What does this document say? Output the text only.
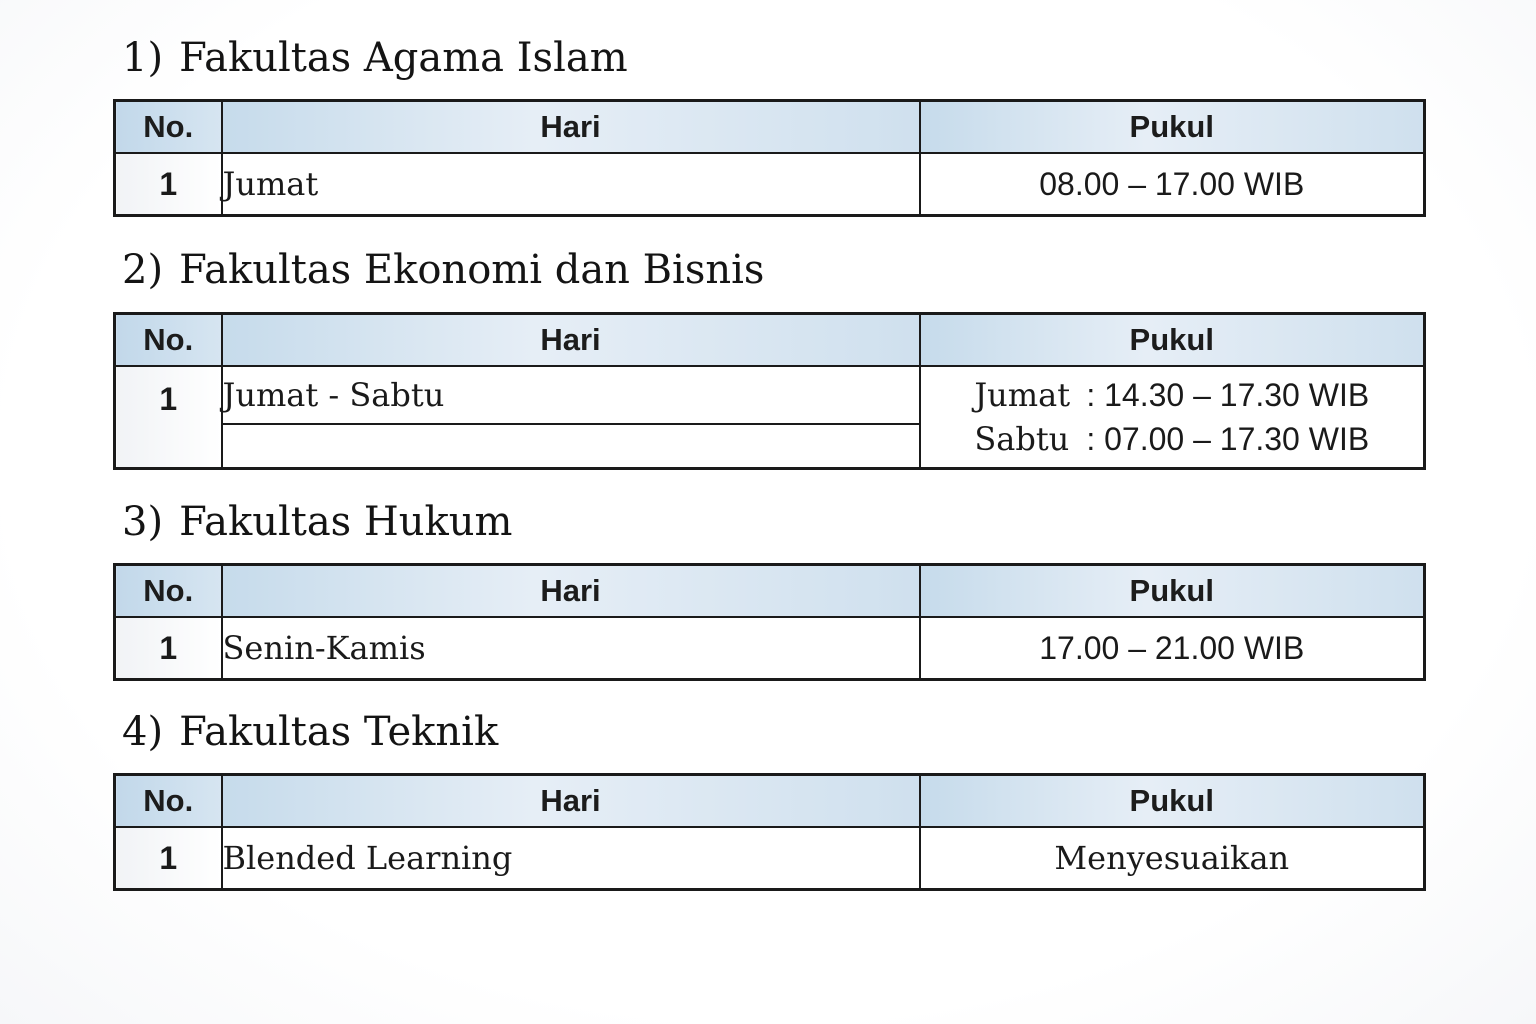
1) Fakultas Agama Islam
No.	Hari	Pukul
1	Jumat	08.00 – 17.00 WIB
2) Fakultas Ekonomi dan Bisnis
No.	Hari	Pukul
1	Jumat - Sabtu	Jumat : 14.30 – 17.30 WIB
Sabtu : 07.00 – 17.30 WIB

3) Fakultas Hukum
No.	Hari	Pukul
1	Senin-Kamis	17.00 – 21.00 WIB
4) Fakultas Teknik
No.	Hari	Pukul
1	Blended Learning	Menyesuaikan
